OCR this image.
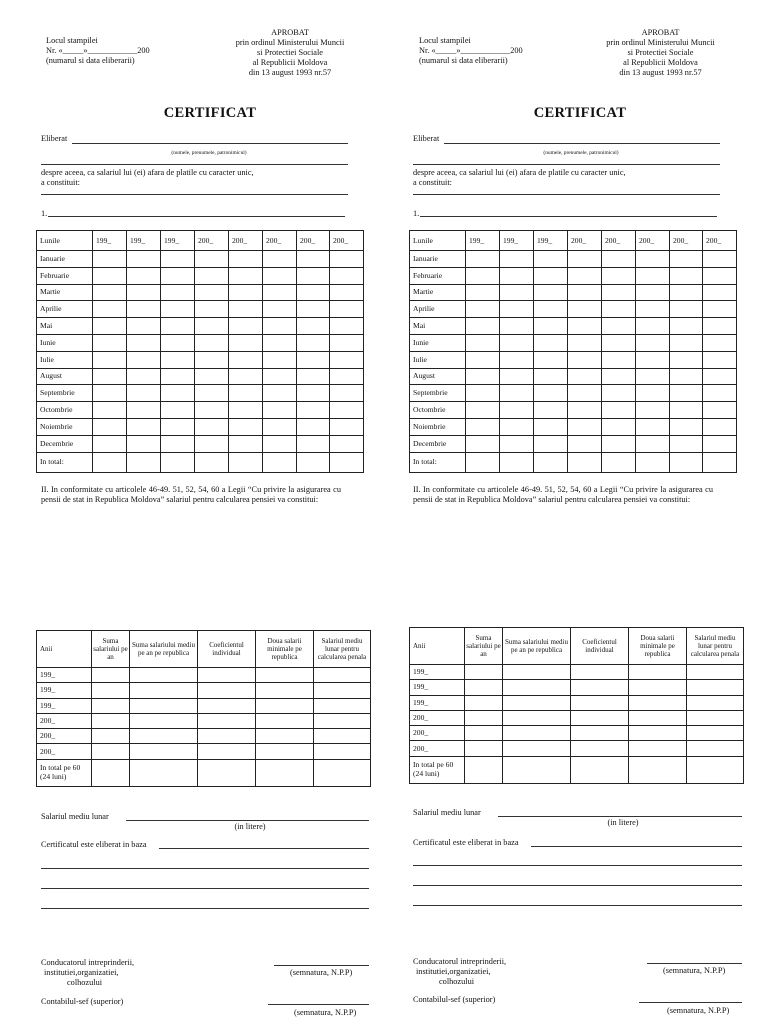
Locul stampilei
Nr. «_____»____________200
(numarul si data eliberarii)
APROBAT
prin ordinul Ministerului Muncii
si Protectiei Sociale
al Republicii Moldova
din 13 august 1993 nr.57
CERTIFICAT
Eliberat
(numele, prenumele, patronimicul)
despre aceea, ca salariul lui (ei) afara de platile cu caracter unic,
a constituit:
1.
Lunile	199_	199_	199_	200_	200_	200_	200_	200_
Ianuarie								
Februarie								
Martie								
Aprilie								
Mai								
Iunie								
Iulie								
August								
Septembrie								
Octombrie								
Noiembrie								
Decembrie								
In total:								
II. In conformitate cu articolele 46-49. 51, 52, 54, 60 a Legii “Cu privire la asigurarea cu pensii de stat in Republica Moldova” salariul pentru calcularea pensiei va constitui:
Anii	Suma salariului pe an	Suma salariului mediu pe an pe republica	Coeficientul individual	Doua salarii minimale pe republica	Salariul mediu lunar pentru calcularea penala
199_					
199_					
199_					
200_					
200_					
200_					
In total pe 60 (24 luni)					
Salariul mediu lunar
(in litere)
Certificatul este eliberat in baza
Conducatorul intreprinderii,
institutiei,organizatiei,
colhozului
(semnatura, N.P.P)
Contabilul-sef (superior)
(semnatura, N.P.P)
Locul stampilei
Nr. «_____»____________200
(numarul si data eliberarii)
APROBAT
prin ordinul Ministerului Muncii
si Protectiei Sociale
al Republicii Moldova
din 13 august 1993 nr.57
CERTIFICAT
Eliberat
(numele, prenumele, patronimicul)
despre aceea, ca salariul lui (ei) afara de platile cu caracter unic,
a constituit:
1.
Lunile	199_	199_	199_	200_	200_	200_	200_	200_
Ianuarie								
Februarie								
Martie								
Aprilie								
Mai								
Iunie								
Iulie								
August								
Septembrie								
Octombrie								
Noiembrie								
Decembrie								
In total:								
II. In conformitate cu articolele 46-49. 51, 52, 54, 60 a Legii “Cu privire la asigurarea cu pensii de stat in Republica Moldova” salariul pentru calcularea pensiei va constitui:
Anii	Suma salariului pe an	Suma salariului mediu pe an pe republica	Coeficientul individual	Doua salarii minimale pe republica	Salariul mediu lunar pentru calcularea penala
199_					
199_					
199_					
200_					
200_					
200_					
In total pe 60 (24 luni)					
Salariul mediu lunar
(in litere)
Certificatul este eliberat in baza
Conducatorul intreprinderii,
institutiei,organizatiei,
colhozului
(semnatura, N.P.P)
Contabilul-sef (superior)
(semnatura, N.P.P)
